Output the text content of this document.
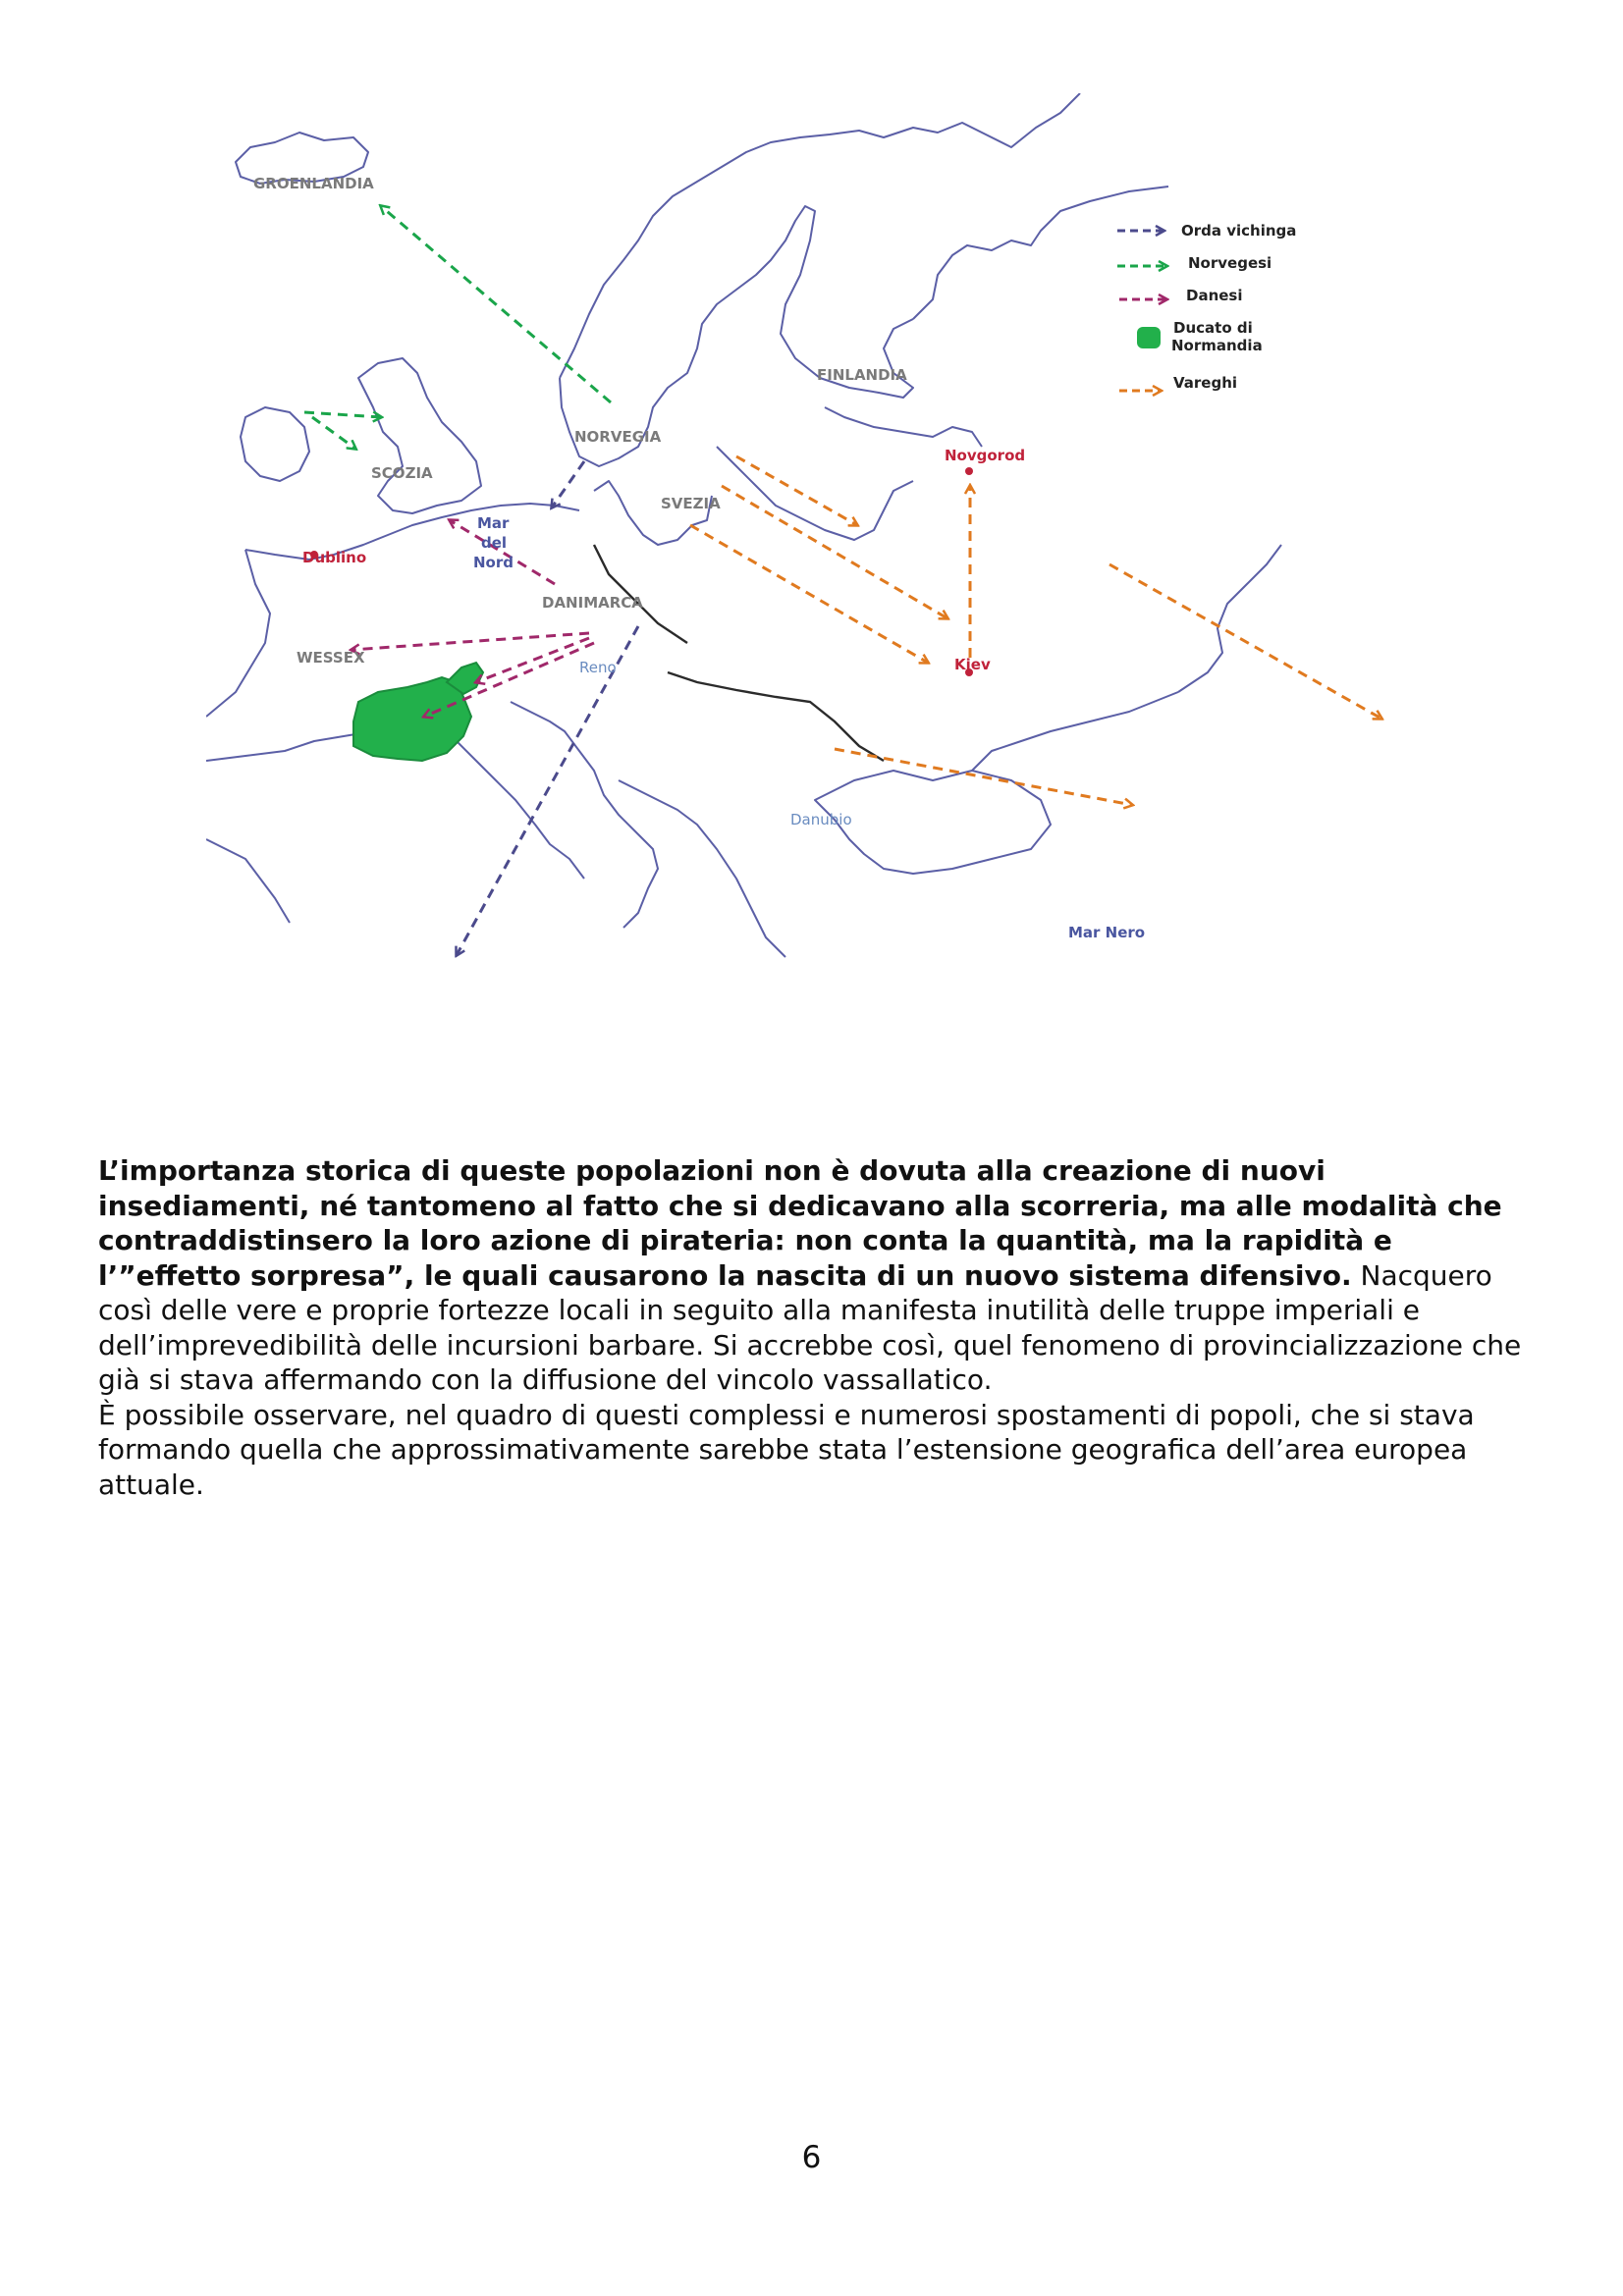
GROENLANDIA
FINLANDIA
NORVEGIA
SCOZIA
SVEZIA
DANIMARCA
WESSEX
Dublino
Novgorod
Kiev
Mar
del
Nord
Reno
Danubio
Mar Nero
Orda vichinga
Norvegesi
Danesi
Ducato di
Normandia
Vareghi

L’importanza storica di queste popolazioni non è dovuta alla creazione di nuovi insediamenti, né tantomeno al fatto che si dedicavano alla scorreria, ma alle modalità che contraddistinsero la loro azione di pirateria: non conta la quantità, ma la rapidità e l’”effetto sorpresa”, le quali causarono la nascita di un nuovo sistema difensivo. Nacquero così delle vere e proprie fortezze locali in seguito alla manifesta inutilità delle truppe imperiali e dell’imprevedibilità delle incursioni barbare. Si accrebbe così, quel fenomeno di provincializzazione che già si stava affermando con la diffusione del vincolo vassallatico.

È possibile osservare, nel quadro di questi complessi e numerosi spostamenti di popoli, che si stava formando quella che approssimativamente sarebbe stata l’estensione geografica dell’area europea attuale.

6
